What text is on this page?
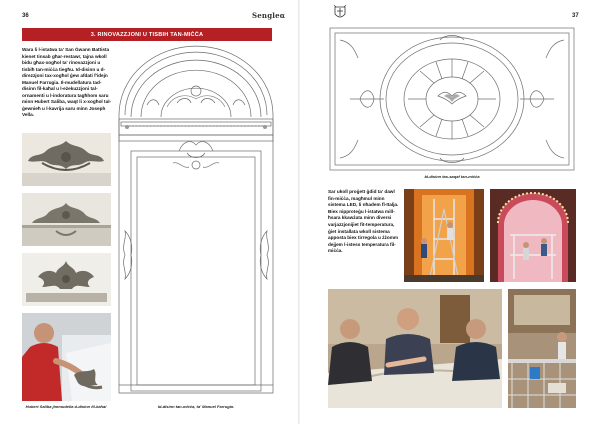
36	Sengleα
3. RINOVAZZJONI U TISBIH TAN-MIĊĊA

Wara li l-istatwa ta' San Ġwann Battista kienet tinsab għar-restawr, tajna wkoll bidu għax-xogħol ta' rinovazzjoni u tisbiħ tan-miċċa tiegħu. Id-disinn u d-direzzjoni tax-xogħol ġew afdati f'idejn Manuel Farrugia. Il-mudellatura tad-disinn fil-kaħal u l-eżekuzzjoni tal-ornamenti u l-indoratura tagħhom saru minn Hubert Saliba, waqt li x-xogħol tal-ġewnieħ u l-kavrija saru minn Joseph Vella.

Hubert Saliba jimmudella d-disinn fil-kaħal	Id-disinn tan-miċċa, ta' Manuel Farrugia.

37

Id-disinn tas-saqaf tan-miċċa

Sar ukoll proġett ġdid ta' dawl fin-miċċa, magħmul minn sistema LED, li nħadem fl-Italja. Biex nipproteġu l-istatwa mill-ħsara kkawżata minn diversi varjazzjonijiet fit-temperatura, ġiet installata wkoll sistema apposta biex tirregola u żżomm dejjem l-istess temperatura fil-miċċa.
